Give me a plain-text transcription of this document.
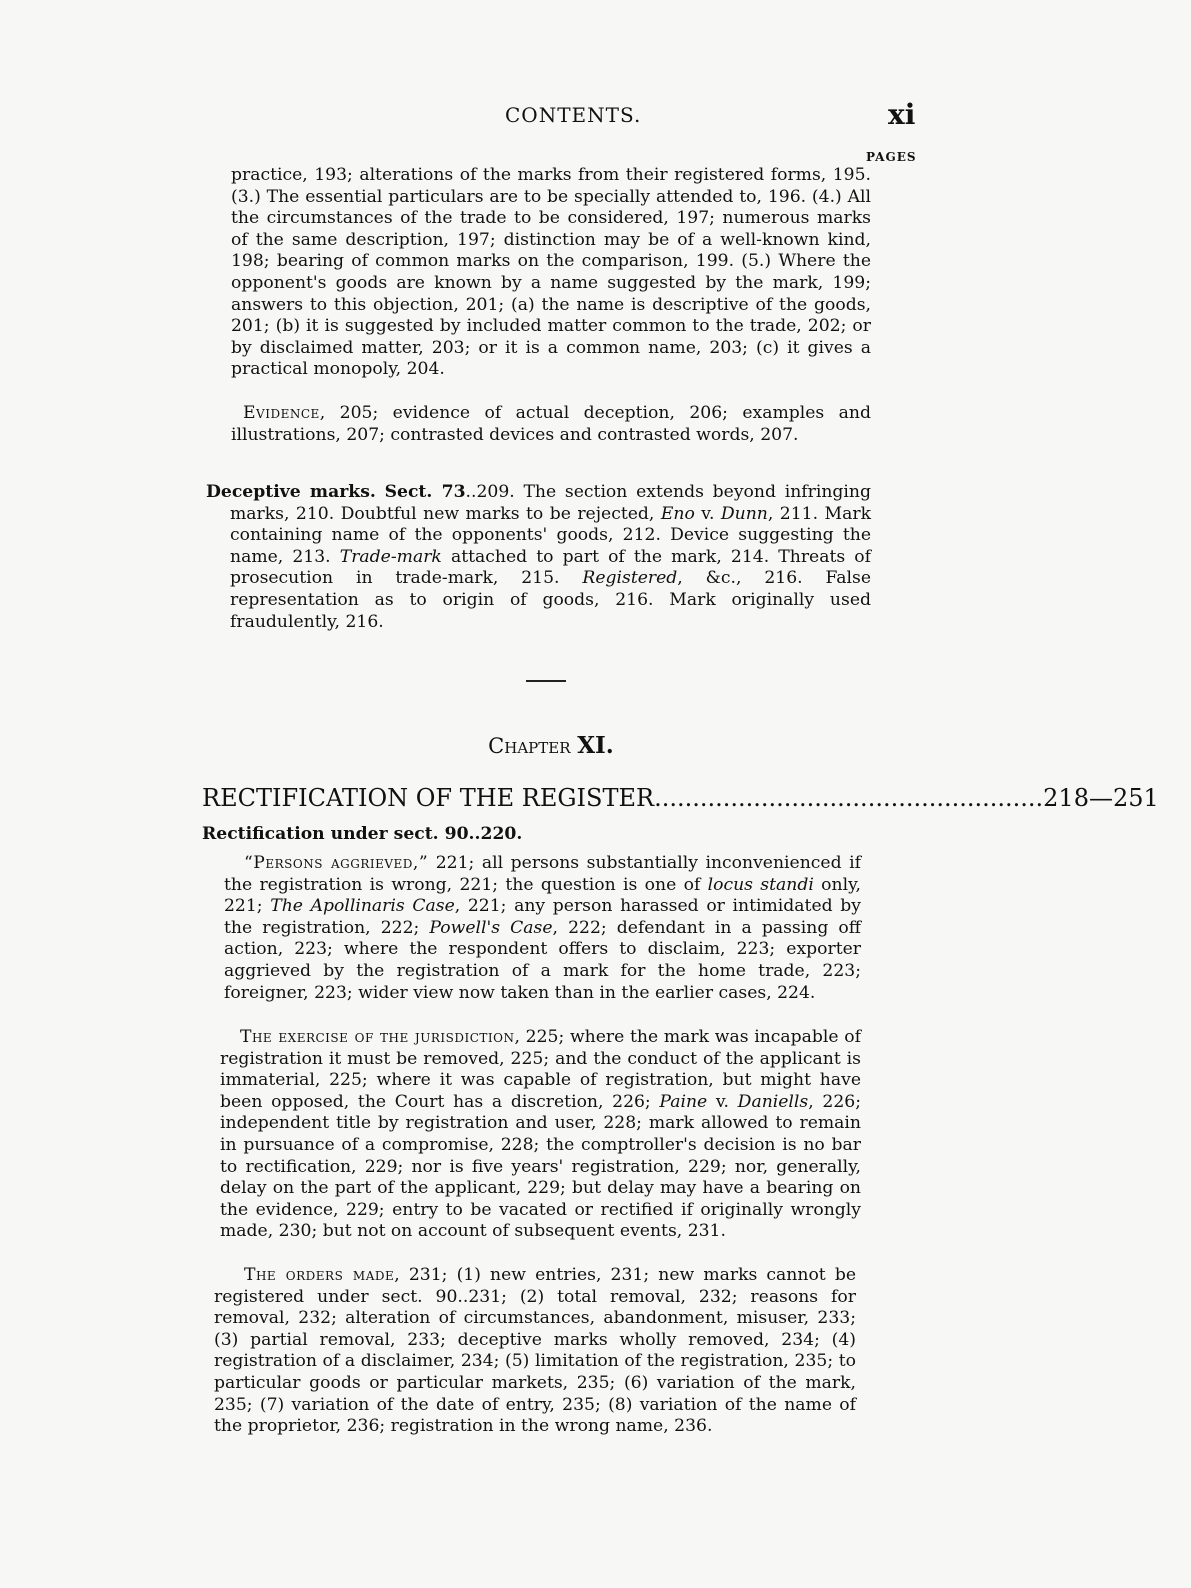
CONTENTS.	xi
PAGES
practice, 193; alterations of the marks from their registered forms, 195. (3.) The essential particulars are to be specially attended to, 196. (4.) All the circumstances of the trade to be considered, 197; numerous marks of the same description, 197; distinction may be of a well-known kind, 198; bearing of common marks on the comparison, 199. (5.) Where the opponent's goods are known by a name suggested by the mark, 199; answers to this objection, 201; (a) the name is descriptive of the goods, 201; (b) it is suggested by included matter common to the trade, 202; or by disclaimed matter, 203; or it is a common name, 203; (c) it gives a practical monopoly, 204.
Evidence, 205; evidence of actual deception, 206; examples and illustrations, 207; contrasted devices and contrasted words, 207.
Deceptive marks. Sect. 73..209. The section extends beyond infringing marks, 210. Doubtful new marks to be rejected, Eno v. Dunn, 211. Mark containing name of the opponents' goods, 212. Device suggesting the name, 213. Trade-mark attached to part of the mark, 214. Threats of prosecution in trade-mark, 215. Registered, &c., 216. False representation as to origin of goods, 216. Mark originally used fraudulently, 216.
Chapter XI.
RECTIFICATION OF THE REGISTER ................................................... 218—251
Rectification under sect. 90..220.
“Persons aggrieved,” 221; all persons substantially inconvenienced if the registration is wrong, 221; the question is one of locus standi only, 221; The Apollinaris Case, 221; any person harassed or intimidated by the registration, 222; Powell's Case, 222; defendant in a passing off action, 223; where the respondent offers to disclaim, 223; exporter aggrieved by the registration of a mark for the home trade, 223; foreigner, 223; wider view now taken than in the earlier cases, 224.
The exercise of the jurisdiction, 225; where the mark was incapable of registration it must be removed, 225; and the conduct of the applicant is immaterial, 225; where it was capable of registration, but might have been opposed, the Court has a discretion, 226; Paine v. Daniells, 226; independent title by registration and user, 228; mark allowed to remain in pursuance of a compromise, 228; the comptroller's decision is no bar to rectification, 229; nor is five years' registration, 229; nor, generally, delay on the part of the applicant, 229; but delay may have a bearing on the evidence, 229; entry to be vacated or rectified if originally wrongly made, 230; but not on account of subsequent events, 231.
The orders made, 231; (1) new entries, 231; new marks cannot be registered under sect. 90..231; (2) total removal, 232; reasons for removal, 232; alteration of circumstances, abandonment, misuser, 233; (3) partial removal, 233; deceptive marks wholly removed, 234; (4) registration of a disclaimer, 234; (5) limitation of the registration, 235; to particular goods or particular markets, 235; (6) variation of the mark, 235; (7) variation of the date of entry, 235; (8) variation of the name of the proprietor, 236; registration in the wrong name, 236.
